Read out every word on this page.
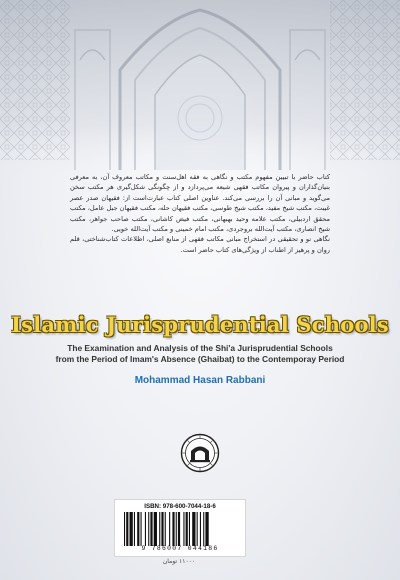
کتاب حاضر با تبیین مفهوم مکتب و نگاهی به فقه اهل‌سنت و مکاتب معروف آن، به معرفی بنیان‌گذاران و پیروان مکاتب فقهی شیعه می‌پردازد و از چگونگی شکل‌گیری هر مکتب سخن می‌گوید و مبانی آن را بررسی می‌کند. عناوین اصلی کتاب عبارت‌است از: فقیهان صدر عصر غیبت، مکتب شیخ مفید، مکتب شیخ طوسی، مکتب فقیهان حله، مکتب فقیهان جبل عامل، مکتب محقق اردبیلی، مکتب علامه وحید بهبهانی، مکتب فیض کاشانی، مکتب صاحب جواهر، مکتب شیخ انصاری، مکتب آیت‌الله بروجردی، مکتب امام خمینی و مکتب آیت‌الله خویی.

نگاهی نو و تحقیقی در استخراج مبانی مکاتب فقهی از منابع اصلی، اطلاعات کتاب‌شناختی، قلم روان و پرهیز از اطناب از ویژگی‌های کتاب حاضر است.

Islamic Jurisprudential Schools
The Examination and Analysis of the Shi'a Jurisprudential Schools
from the Period of Imam's Absence (Ghaibat) to the Contemporay Period
Mohammad Hasan Rabbani
ISBN: 978-600-7044-18-6
9 786007 044186
۱۱۰۰۰ تومان
